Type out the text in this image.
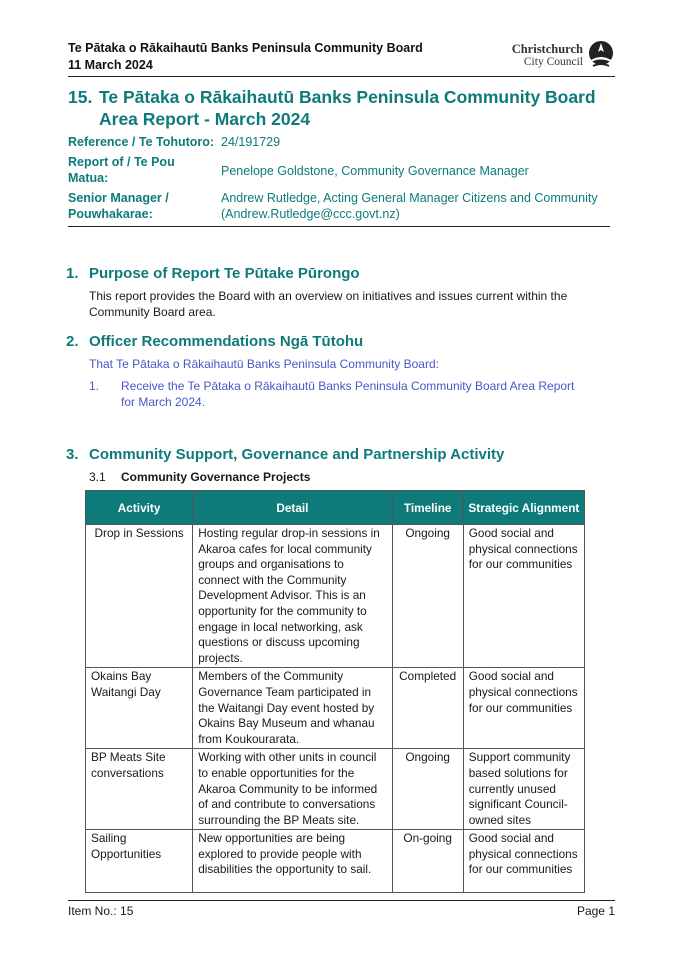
Te Pātaka o Rākaihautū Banks Peninsula Community Board
11 March 2024
Christchurch
City Council
15. Te Pātaka o Rākaihautū Banks Peninsula Community Board Area Report - March 2024
Reference / Te Tohutoro: 24/191729
Report of / Te Pou Matua:	Penelope Goldstone, Community Governance Manager
Senior Manager / Pouwhakarae:
Andrew Rutledge, Acting General Manager Citizens and Community (Andrew.Rutledge@ccc.govt.nz)
1. Purpose of Report Te Pūtake Pūrongo
This report provides the Board with an overview on initiatives and issues current within the Community Board area.
2. Officer Recommendations Ngā Tūtohu
That Te Pātaka o Rākaihautū Banks Peninsula Community Board:
1. Receive the Te Pātaka o Rākaihautū Banks Peninsula Community Board Area Report for March 2024.
3. Community Support, Governance and Partnership Activity
3.1 Community Governance Projects
Activity	Detail	Timeline	Strategic Alignment
Drop in Sessions	Hosting regular drop-in sessions in Akaroa cafes for local community groups and organisations to connect with the Community Development Advisor. This is an opportunity for the community to engage in local networking, ask questions or discuss upcoming projects.	Ongoing	Good social and physical connections for our communities
Okains Bay Waitangi Day	Members of the Community Governance Team participated in the Waitangi Day event hosted by Okains Bay Museum and whanau from Koukourarata.	Completed	Good social and physical connections for our communities
BP Meats Site conversations	Working with other units in council to enable opportunities for the Akaroa Community to be informed of and contribute to conversations surrounding the BP Meats site.	Ongoing	Support community based solutions for currently unused significant Council-owned sites
Sailing Opportunities	New opportunities are being explored to provide people with disabilities the opportunity to sail.	On-going	Good social and physical connections for our communities
Item No.: 15	Page 1
